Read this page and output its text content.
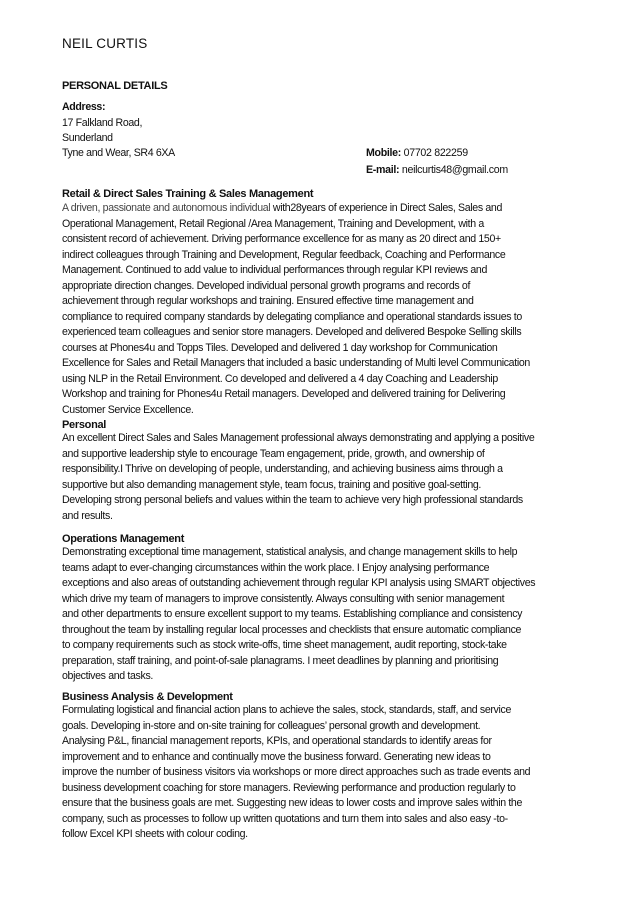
NEIL CURTIS
PERSONAL DETAILS
Address:
17 Falkland Road,
Sunderland
Tyne and Wear, SR4 6XA	Mobile: 07702 822259
E-mail: neilcurtis48@gmail.com
Retail & Direct Sales Training & Sales Management
A driven, passionate and autonomous individual with28years of experience in Direct Sales, Sales and
Operational Management, Retail Regional /Area Management, Training and Development, with a
consistent record of achievement. Driving performance excellence for as many as 20 direct and 150+
indirect colleagues through Training and Development, Regular feedback, Coaching and Performance
Management. Continued to add value to individual performances through regular KPI reviews and
appropriate direction changes. Developed individual personal growth programs and records of
achievement through regular workshops and training. Ensured effective time management and
compliance to required company standards by delegating compliance and operational standards issues to
experienced team colleagues and senior store managers. Developed and delivered Bespoke Selling skills
courses at Phones4u and Topps Tiles. Developed and delivered 1 day workshop for Communication
Excellence for Sales and Retail Managers that included a basic understanding of Multi level Communication
using NLP in the Retail Environment. Co developed and delivered a 4 day Coaching and Leadership
Workshop and training for Phones4u Retail managers. Developed and delivered training for Delivering
Customer Service Excellence.
Personal
An excellent Direct Sales and Sales Management professional always demonstrating and applying a positive
and supportive leadership style to encourage Team engagement, pride, growth, and ownership of
responsibility.I Thrive on developing of people, understanding, and achieving business aims through a
supportive but also demanding management style, team focus, training and positive goal-setting.
Developing strong personal beliefs and values within the team to achieve very high professional standards
and results.
Operations Management
Demonstrating exceptional time management, statistical analysis, and change management skills to help
teams adapt to ever-changing circumstances within the work place. I Enjoy analysing performance
exceptions and also areas of outstanding achievement through regular KPI analysis using SMART objectives
which drive my team of managers to improve consistently. Always consulting with senior management
and other departments to ensure excellent support to my teams. Establishing compliance and consistency
throughout the team by installing regular local processes and checklists that ensure automatic compliance
to company requirements such as stock write-offs, time sheet management, audit reporting, stock-take
preparation, staff training, and point-of-sale planagrams. I meet deadlines by planning and prioritising
objectives and tasks.
Business Analysis & Development
Formulating logistical and financial action plans to achieve the sales, stock, standards, staff, and service
goals. Developing in-store and on-site training for colleagues’ personal growth and development.
Analysing P&L, financial management reports, KPIs, and operational standards to identify areas for
improvement and to enhance and continually move the business forward. Generating new ideas to
improve the number of business visitors via workshops or more direct approaches such as trade events and
business development coaching for store managers. Reviewing performance and production regularly to
ensure that the business goals are met. Suggesting new ideas to lower costs and improve sales within the
company, such as processes to follow up written quotations and turn them into sales and also easy -to-
follow Excel KPI sheets with colour coding.
